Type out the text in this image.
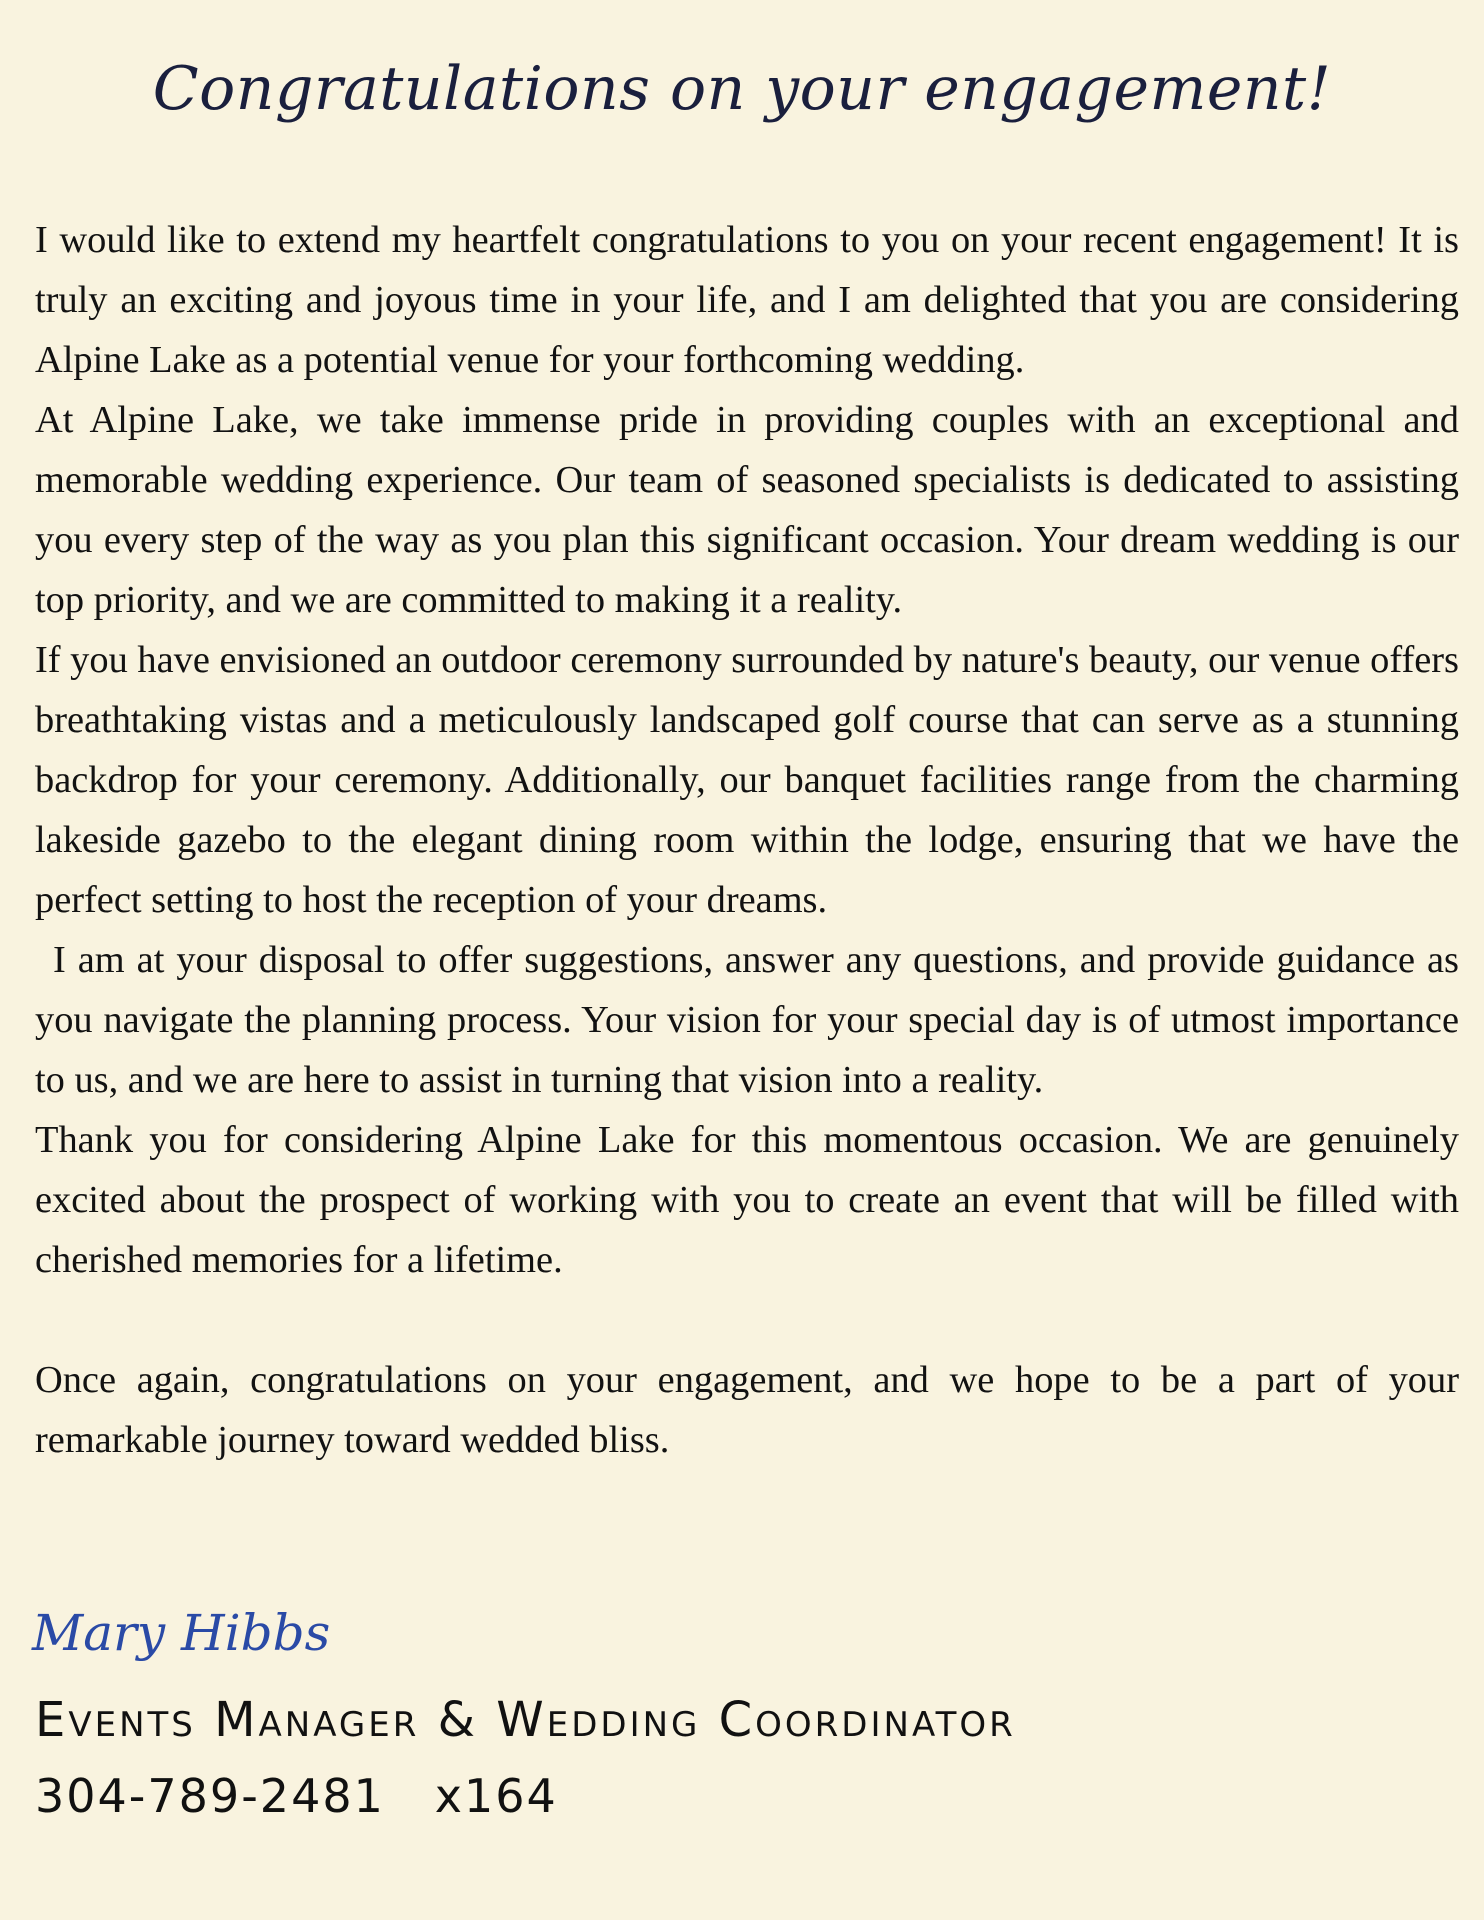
Congratulations on your engagement!

I would like to extend my heartfelt congratulations to you on your recent engagement! It is truly an exciting and joyous time in your life, and I am delighted that you are considering Alpine Lake as a potential venue for your forthcoming wedding.

At Alpine Lake, we take immense pride in providing couples with an exceptional and memorable wedding experience. Our team of seasoned specialists is dedicated to assisting you every step of the way as you plan this significant occasion. Your dream wedding is our top priority, and we are committed to making it a reality.

If you have envisioned an outdoor ceremony surrounded by nature's beauty, our venue offers breathtaking vistas and a meticulously landscaped golf course that can serve as a stunning backdrop for your ceremony. Additionally, our banquet facilities range from the charming lakeside gazebo to the elegant dining room within the lodge, ensuring that we have the perfect setting to host the reception of your dreams.

I am at your disposal to offer suggestions, answer any questions, and provide guidance as you navigate the planning process. Your vision for your special day is of utmost importance to us, and we are here to assist in turning that vision into a reality.

Thank you for considering Alpine Lake for this momentous occasion. We are genuinely excited about the prospect of working with you to create an event that will be filled with cherished memories for a lifetime.

Once again, congratulations on your engagement, and we hope to be a part of your remarkable journey toward wedded bliss.

Mary Hibbs
Events Manager & Wedding Coordinator
304-789-2481 x164
